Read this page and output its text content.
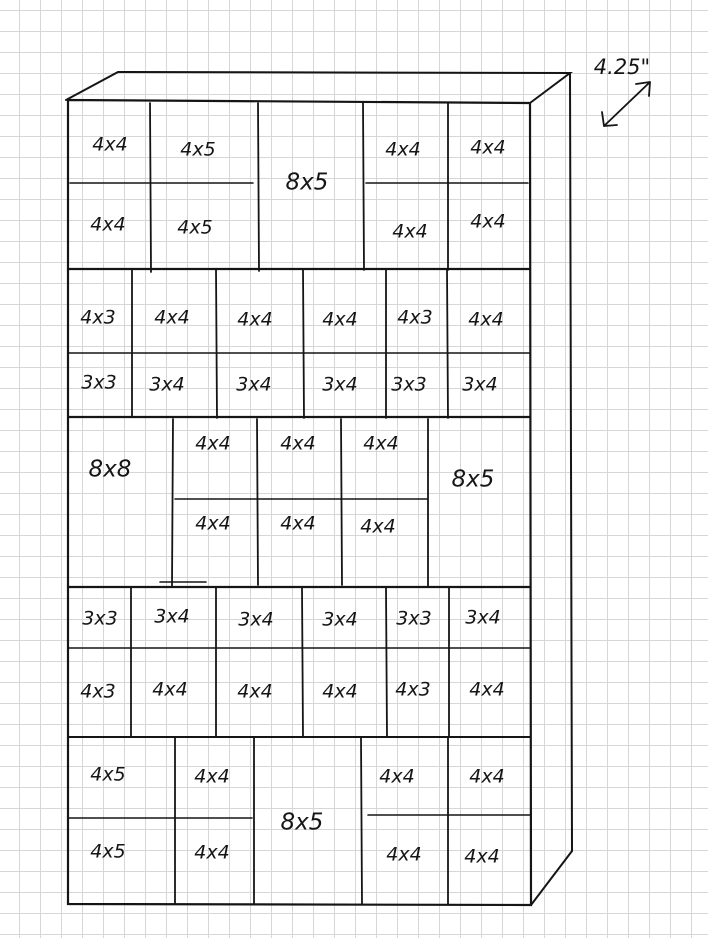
4.25"
4x4	4x5
8x5
4x4	4x4
4x4	4x5	4x4 4x4
4x3 4x4	4x4	4x4 4x3 4x4
3x3 3x4	3x4	3x4 3x3 3x4
8x8
4x4	4x4	4x4
8x5
4x4	4x4 4x4
3x3 3x4	3x4	3x4 3x3 3x4
4x3 4x4	4x4	4x4 4x3 4x4
4x5	4x4
8x5
4x4	4x4
4x5	4x4	4x4 4x4
